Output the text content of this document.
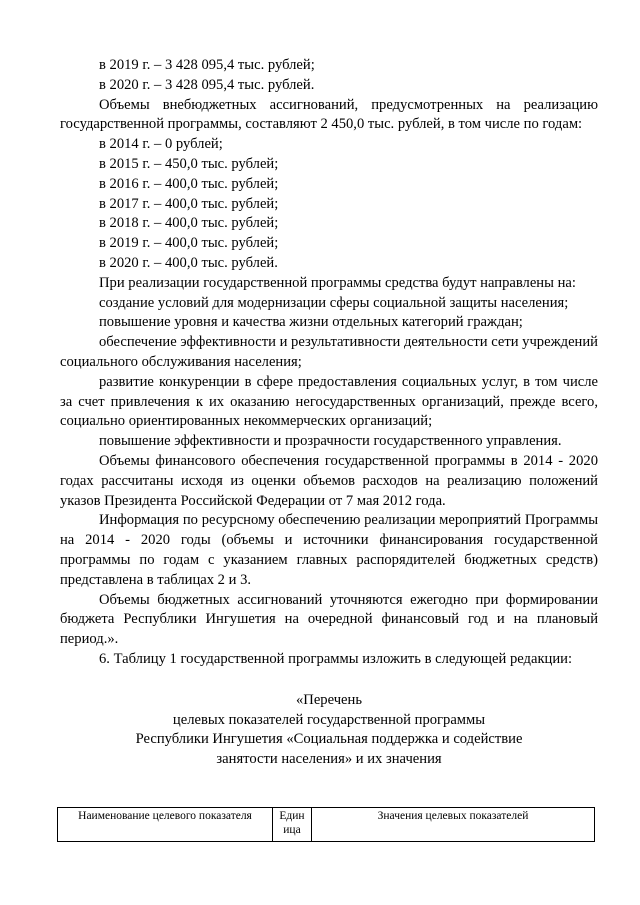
в 2019 г. – 3 428 095,4 тыс. рублей;

в 2020 г. – 3 428 095,4 тыс. рублей.

Объемы внебюджетных ассигнований, предусмотренных на реализацию государственной программы, составляют 2 450,0 тыс. рублей, в том числе по годам:

в 2014 г. – 0 рублей;

в 2015 г. – 450,0 тыс. рублей;

в 2016 г. – 400,0 тыс. рублей;

в 2017 г. – 400,0 тыс. рублей;

в 2018 г. – 400,0 тыс. рублей;

в 2019 г. – 400,0 тыс. рублей;

в 2020 г. – 400,0 тыс. рублей.

При реализации государственной программы средства будут направлены на:

создание условий для модернизации сферы социальной защиты населения;

повышение уровня и качества жизни отдельных категорий граждан;

обеспечение эффективности и результативности деятельности сети учреждений социального обслуживания населения;

развитие конкуренции в сфере предоставления социальных услуг, в том числе за счет привлечения к их оказанию негосударственных организаций, прежде всего, социально ориентированных некоммерческих организаций;

повышение эффективности и прозрачности государственного управления.

Объемы финансового обеспечения государственной программы в 2014 - 2020 годах рассчитаны исходя из оценки объемов расходов на реализацию положений указов Президента Российской Федерации от 7 мая 2012 года.

Информация по ресурсному обеспечению реализации мероприятий Программы на 2014 - 2020 годы (объемы и источники финансирования государственной программы по годам с указанием главных распорядителей бюджетных средств) представлена в таблицах 2 и 3.

Объемы бюджетных ассигнований уточняются ежегодно при формировании бюджета Республики Ингушетия на очередной финансовый год и на плановый период.».

6. Таблицу 1 государственной программы изложить в следующей редакции:

«Перечень
целевых показателей государственной программы
Республики Ингушетия «Социальная поддержка и содействие
занятости населения» и их значения
Наименование целевого показателя	Един ица	Значения целевых показателей
